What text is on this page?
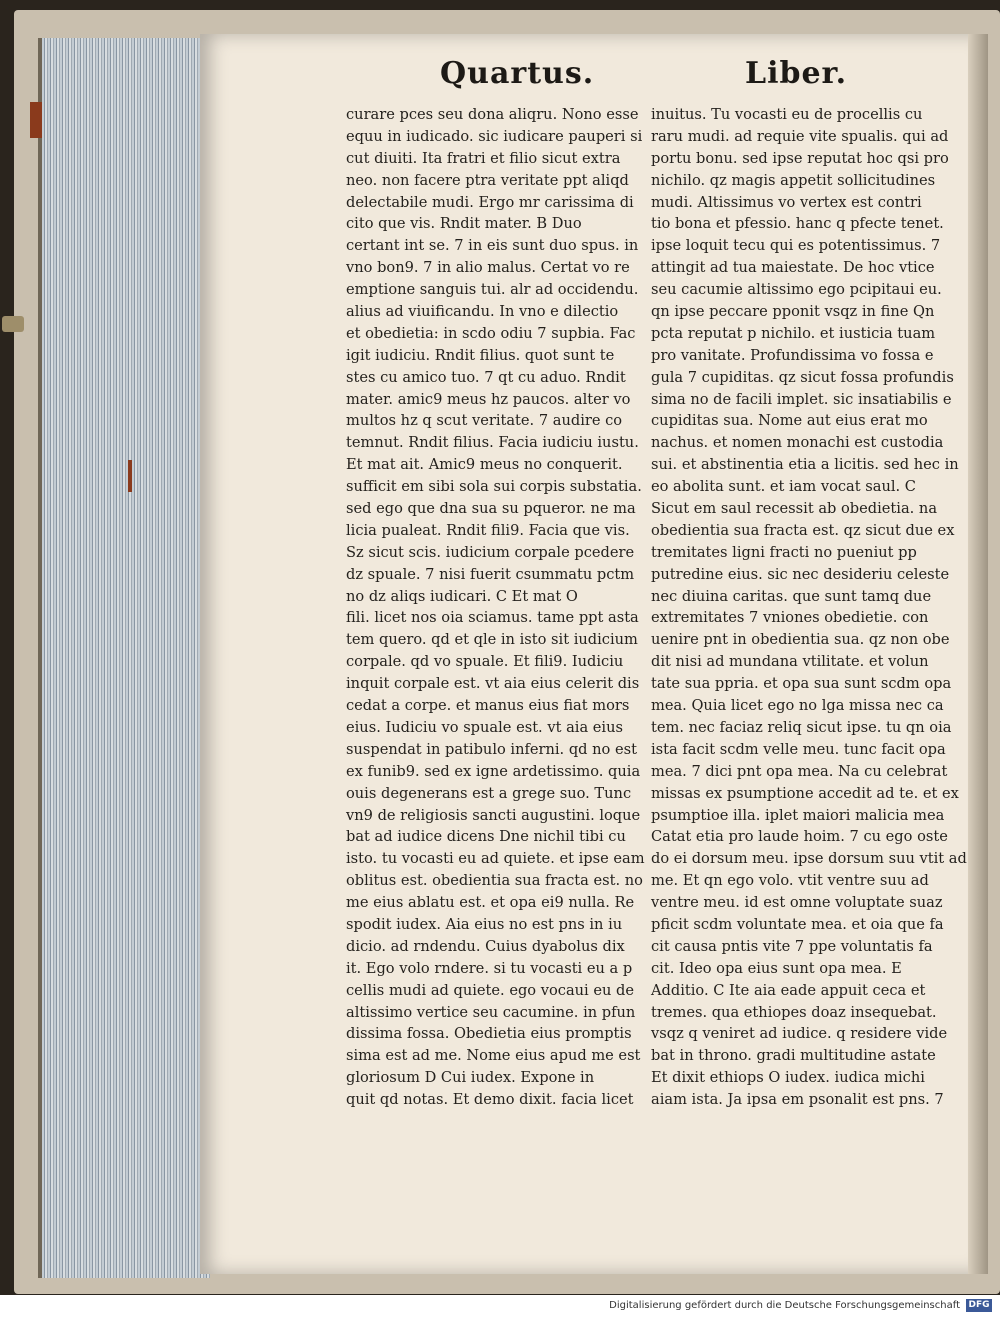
Quartus.	Liber.
curare pces seu dona aliqru. Nono esse
equu in iudicado. sic iudicare pauperi si
cut diuiti. Ita fratri et filio sicut extra
neo. non facere ptra veritate ppt aliqd
delectabile mudi. Ergo mr carissima di
cito que vis. Rndit mater. B Duo
certant int se. 7 in eis sunt duo spus. in
vno bon9. 7 in alio malus. Certat vo re
emptione sanguis tui. alr ad occidendu.
alius ad viuificandu. In vno e dilectio
et obedietia: in scdo odiu 7 supbia. Fac
igit iudiciu. Rndit filius. quot sunt te
stes cu amico tuo. 7 qt cu aduo. Rndit
mater. amic9 meus hz paucos. alter vo
multos hz q scut veritate. 7 audire co
temnut. Rndit filius. Facia iudiciu iustu.
Et mat ait. Amic9 meus no conquerit.
sufficit em sibi sola sui corpis substatia.
sed ego que dna sua su pqueror. ne ma
licia pualeat. Rndit fili9. Facia que vis.
Sz sicut scis. iudicium corpale pcedere
dz spuale. 7 nisi fuerit csummatu pctm
no dz aliqs iudicari. C Et mat O
fili. licet nos oia sciamus. tame ppt asta
tem quero. qd et qle in isto sit iudicium
corpale. qd vo spuale. Et fili9. Iudiciu
inquit corpale est. vt aia eius celerit dis
cedat a corpe. et manus eius fiat mors
eius. Iudiciu vo spuale est. vt aia eius
suspendat in patibulo inferni. qd no est
ex funib9. sed ex igne ardetissimo. quia
ouis degenerans est a grege suo. Tunc
vn9 de religiosis sancti augustini. loque
bat ad iudice dicens Dne nichil tibi cu
isto. tu vocasti eu ad quiete. et ipse eam
oblitus est. obedientia sua fracta est. no
me eius ablatu est. et opa ei9 nulla. Re
spodit iudex. Aia eius no est pns in iu
dicio. ad rndendu. Cuius dyabolus dix
it. Ego volo rndere. si tu vocasti eu a p
cellis mudi ad quiete. ego vocaui eu de
altissimo vertice seu cacumine. in pfun
dissima fossa. Obedietia eius promptis
sima est ad me. Nome eius apud me est
gloriosum D Cui iudex. Expone in
quit qd notas. Et demo dixit. facia licet
inuitus. Tu vocasti eu de procellis cu
raru mudi. ad requie vite spualis. qui ad
portu bonu. sed ipse reputat hoc qsi pro
nichilo. qz magis appetit sollicitudines
mudi. Altissimus vo vertex est contri
tio bona et pfessio. hanc q pfecte tenet.
ipse loquit tecu qui es potentissimus. 7
attingit ad tua maiestate. De hoc vtice
seu cacumie altissimo ego pcipitaui eu.
qn ipse peccare pponit vsqz in fine Qn
pcta reputat p nichilo. et iusticia tuam
pro vanitate. Profundissima vo fossa e
gula 7 cupiditas. qz sicut fossa profundis
sima no de facili implet. sic insatiabilis e
cupiditas sua. Nome aut eius erat mo
nachus. et nomen monachi est custodia
sui. et abstinentia etia a licitis. sed hec in
eo abolita sunt. et iam vocat saul. C
Sicut em saul recessit ab obedietia. na
obedientia sua fracta est. qz sicut due ex
tremitates ligni fracti no pueniut pp
putredine eius. sic nec desideriu celeste
nec diuina caritas. que sunt tamq due
extremitates 7 vniones obedietie. con
uenire pnt in obedientia sua. qz non obe
dit nisi ad mundana vtilitate. et volun
tate sua ppria. et opa sua sunt scdm opa
mea. Quia licet ego no lga missa nec ca
tem. nec faciaz reliq sicut ipse. tu qn oia
ista facit scdm velle meu. tunc facit opa
mea. 7 dici pnt opa mea. Na cu celebrat
missas ex psumptione accedit ad te. et ex
psumptioe illa. iplet maiori malicia mea
Catat etia pro laude hoim. 7 cu ego oste
do ei dorsum meu. ipse dorsum suu vtit ad
me. Et qn ego volo. vtit ventre suu ad
ventre meu. id est omne voluptate suaz
pficit scdm voluntate mea. et oia que fa
cit causa pntis vite 7 ppe voluntatis fa
cit. Ideo opa eius sunt opa mea. E
Additio. C Ite aia eade appuit ceca et
tremes. qua ethiopes doaz insequebat.
vsqz q veniret ad iudice. q residere vide
bat in throno. gradi multitudine astate
Et dixit ethiops O iudex. iudica michi
aiam ista. Ja ipsa em psonalit est pns. 7
Digitalisierung gefördert durch die Deutsche Forschungsgemeinschaft DFG
